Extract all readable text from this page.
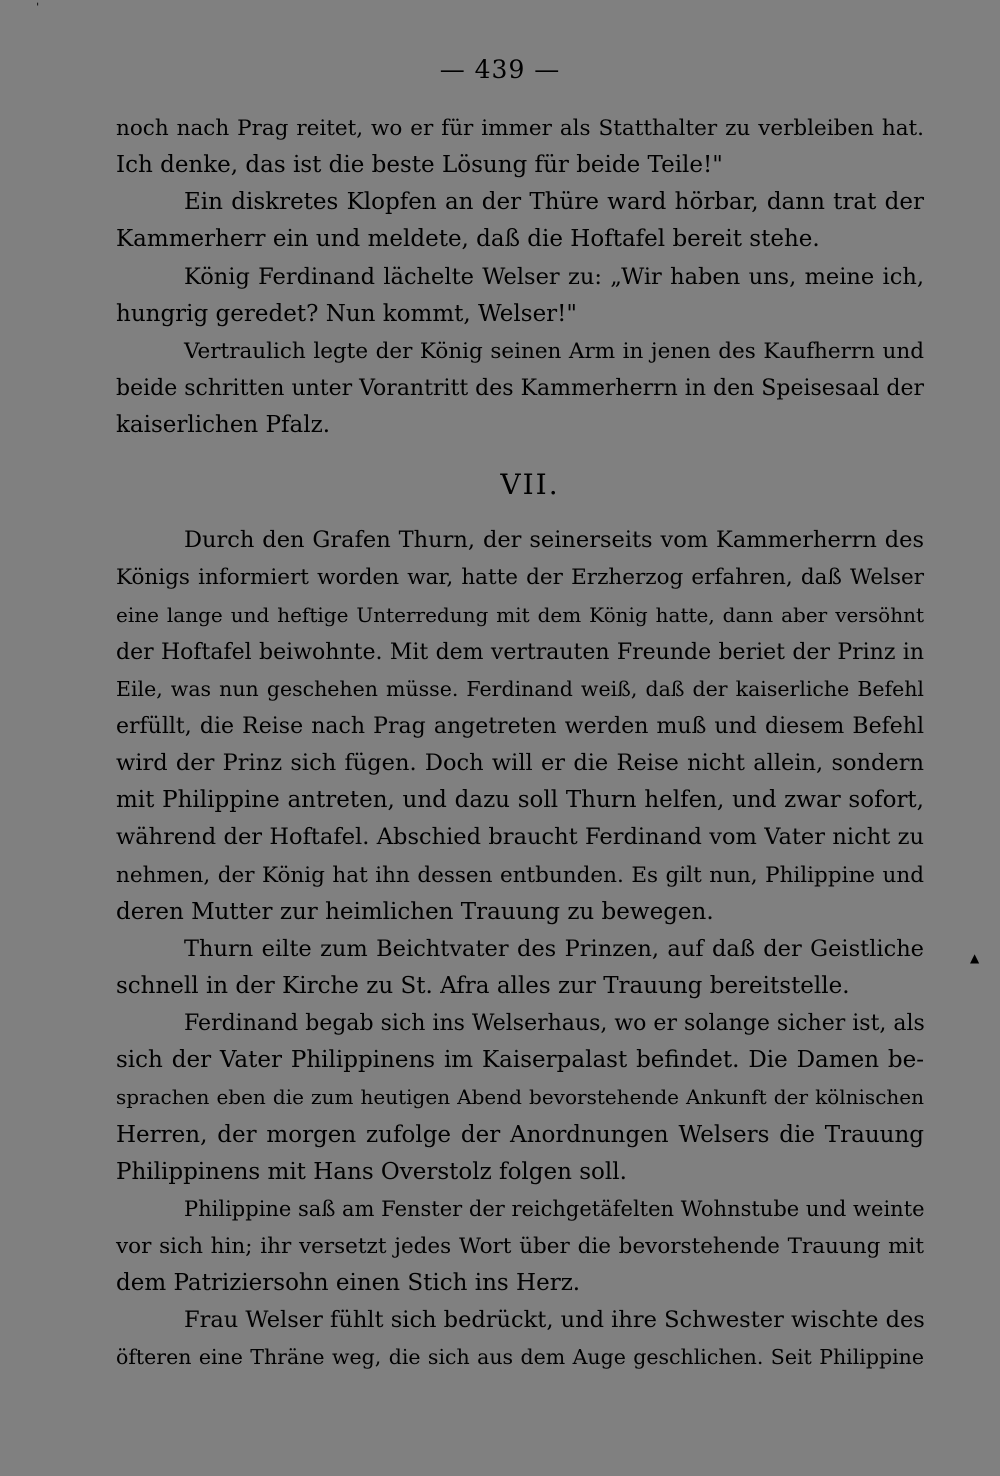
— 439 —
noch nach Prag reitet, wo er für immer als Statthalter zu verbleiben hat.
Ich denke, das ist die beste Lösung für beide Teile!"
Ein diskretes Klopfen an der Thüre ward hörbar, dann trat der
Kammerherr ein und meldete, daß die Hoftafel bereit stehe.
König Ferdinand lächelte Welser zu: „Wir haben uns, meine ich,
hungrig geredet? Nun kommt, Welser!"
Vertraulich legte der König seinen Arm in jenen des Kaufherrn und
beide schritten unter Vorantritt des Kammerherrn in den Speisesaal der
kaiserlichen Pfalz.
VII.
Durch den Grafen Thurn, der seinerseits vom Kammerherrn des
Königs informiert worden war, hatte der Erzherzog erfahren, daß Welser
eine lange und heftige Unterredung mit dem König hatte, dann aber versöhnt
der Hoftafel beiwohnte. Mit dem vertrauten Freunde beriet der Prinz in
Eile, was nun geschehen müsse. Ferdinand weiß, daß der kaiserliche Befehl
erfüllt, die Reise nach Prag angetreten werden muß und diesem Befehl
wird der Prinz sich fügen. Doch will er die Reise nicht allein, sondern
mit Philippine antreten, und dazu soll Thurn helfen, und zwar sofort,
während der Hoftafel. Abschied braucht Ferdinand vom Vater nicht zu
nehmen, der König hat ihn dessen entbunden. Es gilt nun, Philippine und
deren Mutter zur heimlichen Trauung zu bewegen.
Thurn eilte zum Beichtvater des Prinzen, auf daß der Geistliche
schnell in der Kirche zu St. Afra alles zur Trauung bereitstelle.
Ferdinand begab sich ins Welserhaus, wo er solange sicher ist, als
sich der Vater Philippinens im Kaiserpalast befindet. Die Damen be-
sprachen eben die zum heutigen Abend bevorstehende Ankunft der kölnischen
Herren, der morgen zufolge der Anordnungen Welsers die Trauung
Philippinens mit Hans Overstolz folgen soll.
Philippine saß am Fenster der reichgetäfelten Wohnstube und weinte
vor sich hin; ihr versetzt jedes Wort über die bevorstehende Trauung mit
dem Patriziersohn einen Stich ins Herz.
Frau Welser fühlt sich bedrückt, und ihre Schwester wischte des
öfteren eine Thräne weg, die sich aus dem Auge geschlichen. Seit Philippine
ˈ
▲
